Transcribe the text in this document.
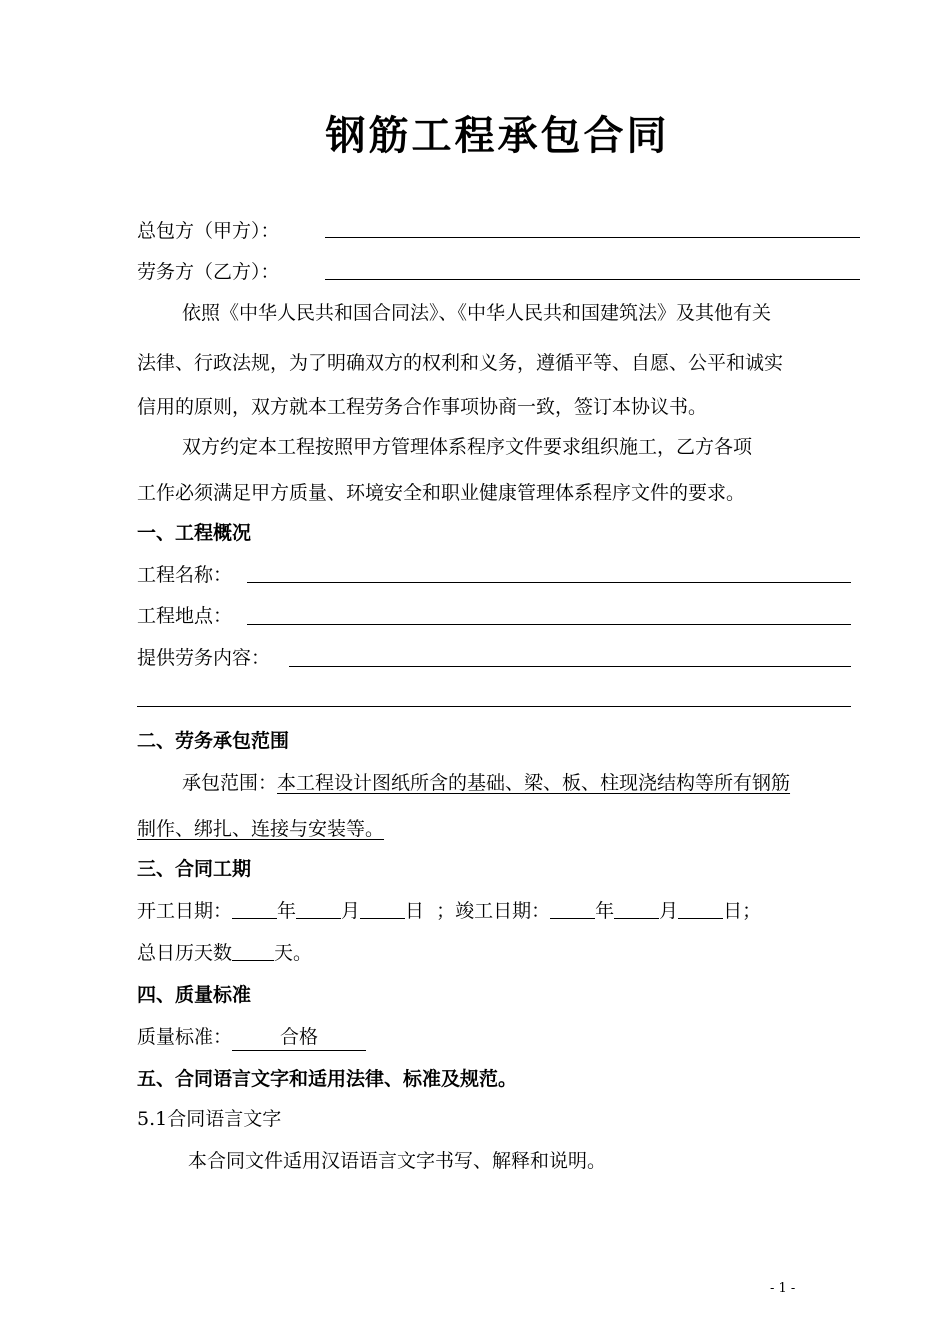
钢筋工程承包合同
总包方（甲方）：
劳务方（乙方）：
依照《中华人民共和国合同法》、《中华人民共和国建筑法》及其他有关
法律、行政法规，为了明确双方的权利和义务，遵循平等、自愿、公平和诚实
信用的原则，双方就本工程劳务合作事项协商一致，签订本协议书。
双方约定本工程按照甲方管理体系程序文件要求组织施工，乙方各项
工作必须满足甲方质量、环境安全和职业健康管理体系程序文件的要求。
一、工程概况
工程名称：
工程地点：
提供劳务内容：
二、劳务承包范围
承包范围：本工程设计图纸所含的基础、梁、板、柱现浇结构等所有钢筋
制作、绑扎、连接与安装等。
三、合同工期
开工日期： 年 月 日 ；竣工日期： 年 月 日；
总日历天数 天。
四、质量标准
质量标准：	合格
五、合同语言文字和适用法律、标准及规范。
5.1合同语言文字
本合同文件适用汉语语言文字书写、解释和说明。
- 1 -
